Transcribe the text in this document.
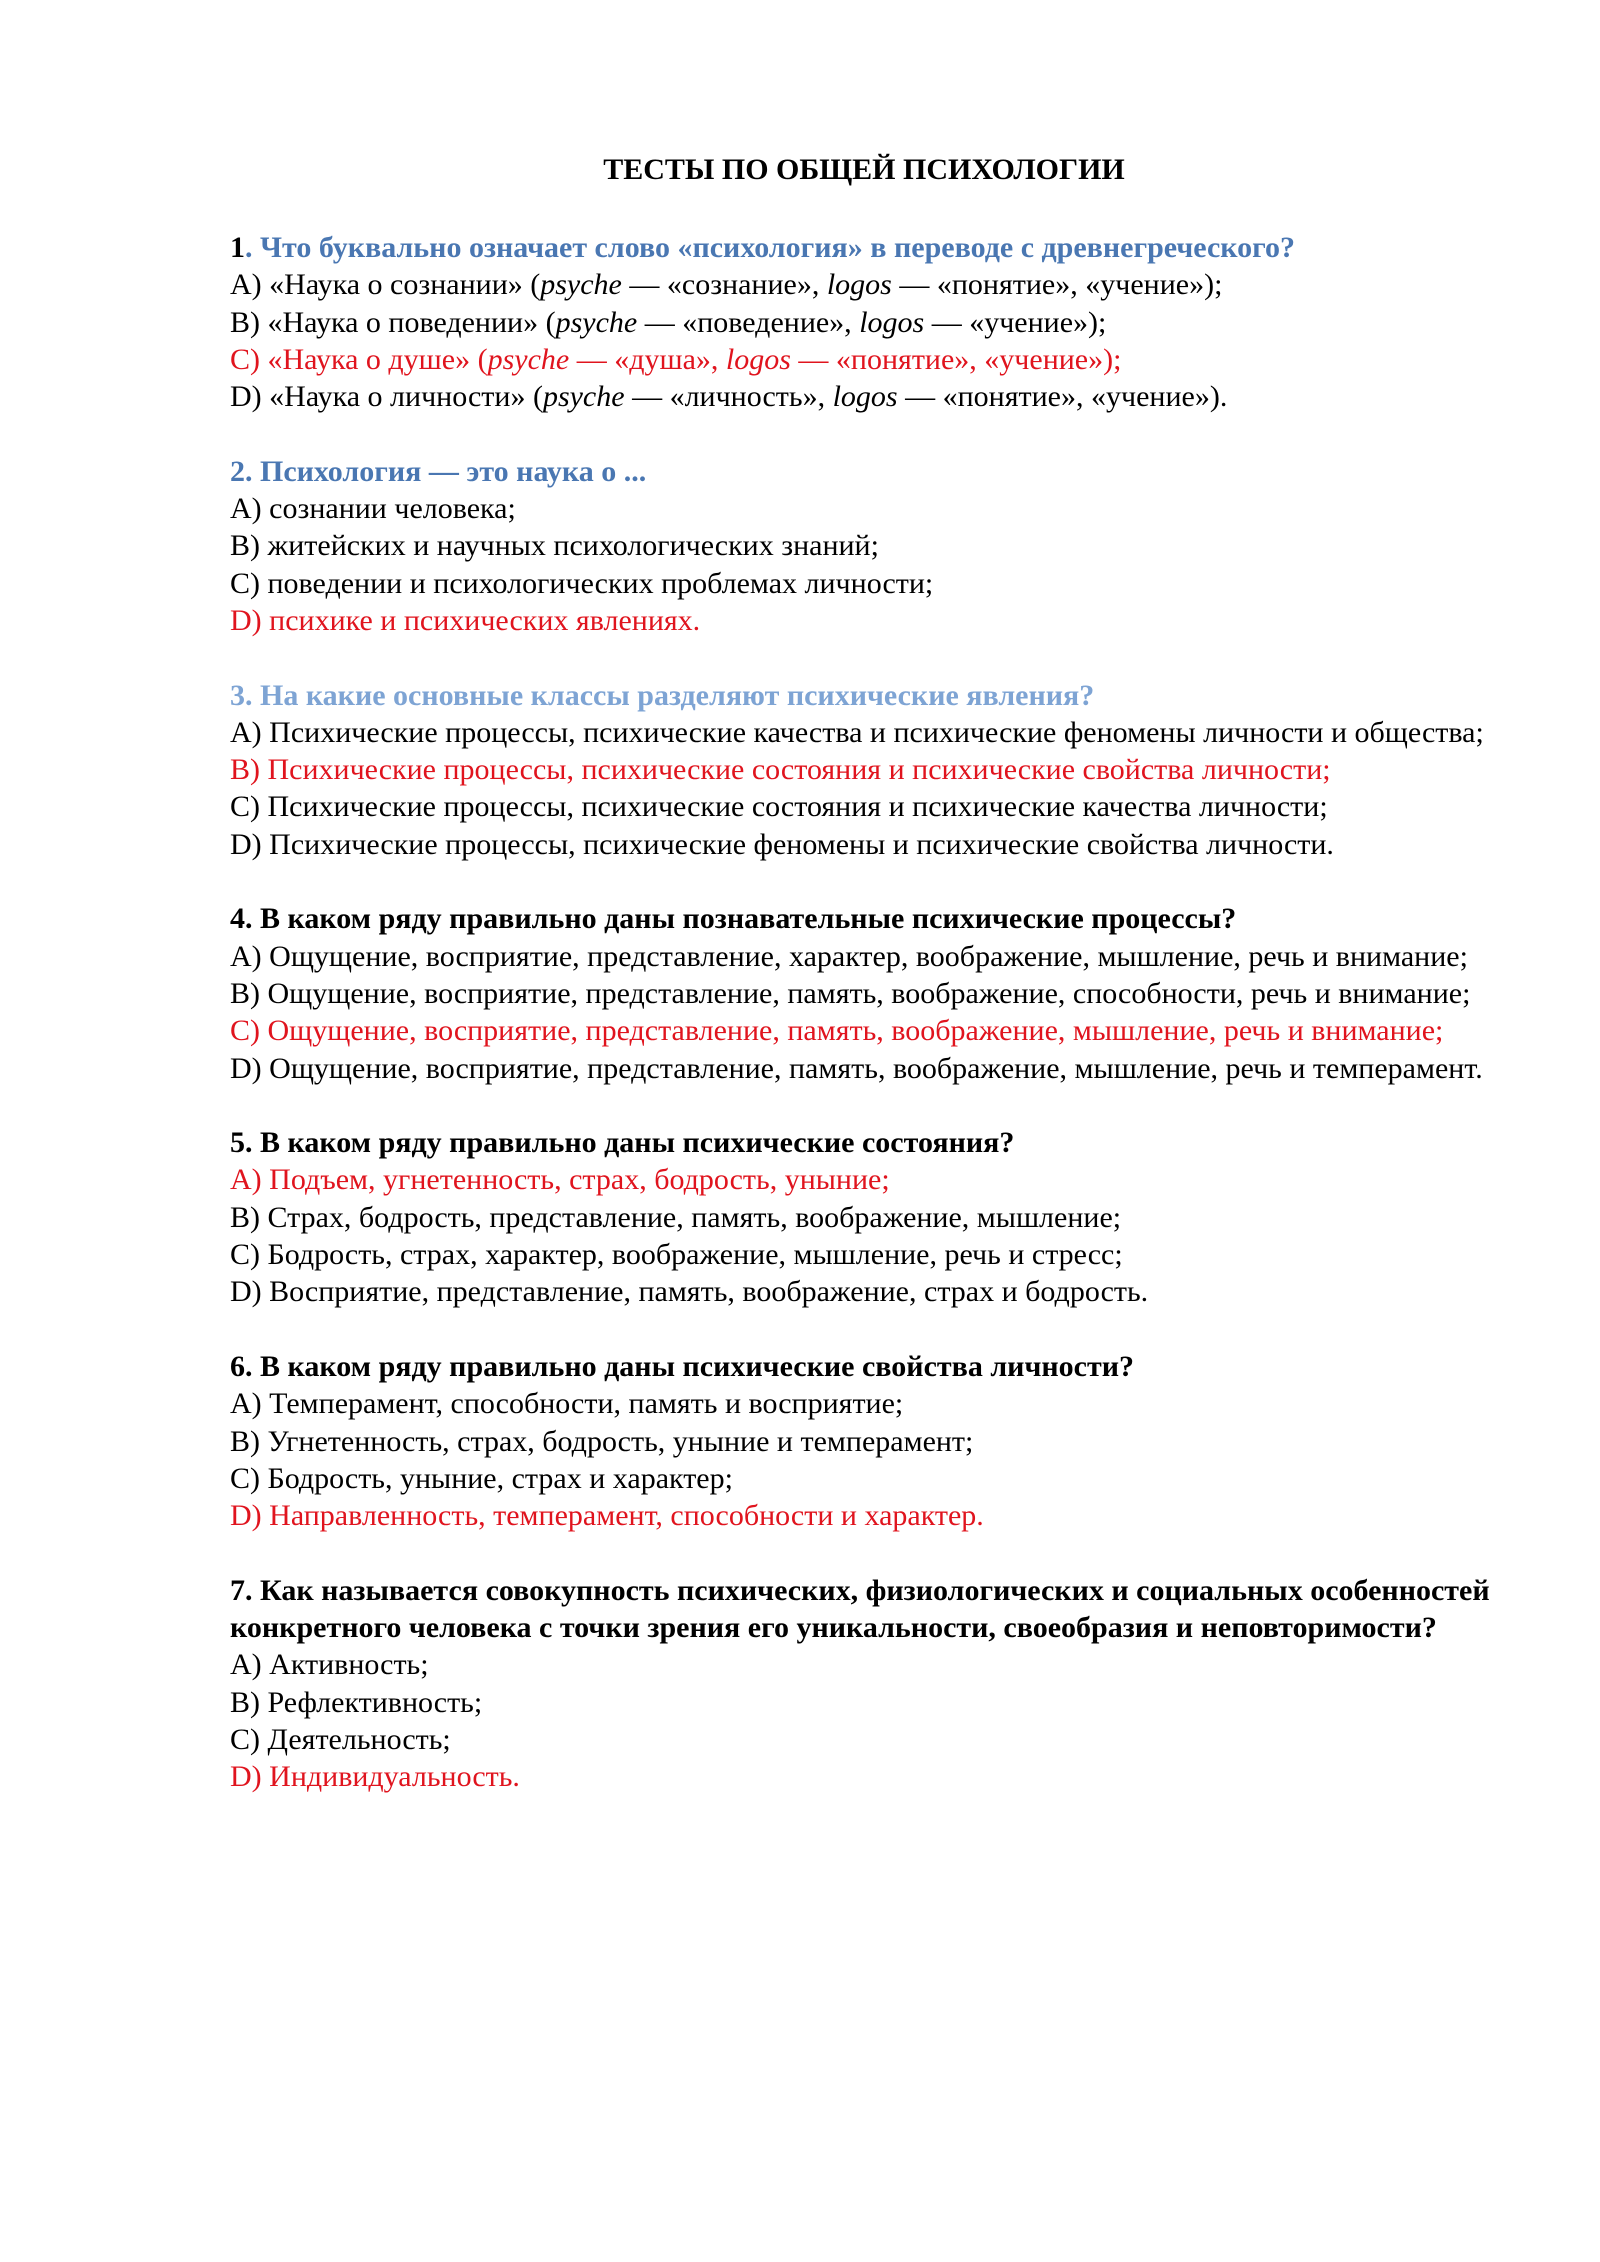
ТЕСТЫ ПО ОБЩЕЙ ПСИХОЛОГИИ

1. Что буквально означает слово «психология» в переводе с древнегреческого?

A) «Наука о сознании» (psyche — «сознание», logos — «понятие», «учение»);

B) «Наука о поведении» (psyche — «поведение», logos — «учение»);

C) «Наука о душе» (psyche — «душа», logos — «понятие», «учение»);

D) «Наука о личности» (psyche — «личность», logos — «понятие», «учение»).

2. Психология — это наука о ...

A) сознании человека;

B) житейских и научных психологических знаний;

C) поведении и психологических проблемах личности;

D) психике и психических явлениях.

3. На какие основные классы разделяют психические явления?

A) Психические процессы, психические качества и психические феномены личности и общества;

B) Психические процессы, психические состояния и психические свойства личности;

C) Психические процессы, психические состояния и психические качества личности;

D) Психические процессы, психические феномены и психические свойства личности.

4. В каком ряду правильно даны познавательные психические процессы?

A) Ощущение, восприятие, представление, характер, воображение, мышление, речь и внимание;

B) Ощущение, восприятие, представление, память, воображение, способности, речь и внимание;

C) Ощущение, восприятие, представление, память, воображение, мышление, речь и внимание;

D) Ощущение, восприятие, представление, память, воображение, мышление, речь и темперамент.

5. В каком ряду правильно даны психические состояния?

A) Подъем, угнетенность, страх, бодрость, уныние;

B) Страх, бодрость, представление, память, воображение, мышление;

C) Бодрость, страх, характер, воображение, мышление, речь и стресс;

D) Восприятие, представление, память, воображение, страх и бодрость.

6. В каком ряду правильно даны психические свойства личности?

A) Темперамент, способности, память и восприятие;

B) Угнетенность, страх, бодрость, уныние и темперамент;

C) Бодрость, уныние, страх и характер;

D) Направленность, темперамент, способности и характер.

7. Как называется совокупность психических, физиологических и социальных особенностей конкретного человека с точки зрения его уникальности, своеобразия и неповторимости?

A) Активность;

B) Рефлективность;

C) Деятельность;

D) Индивидуальность.
